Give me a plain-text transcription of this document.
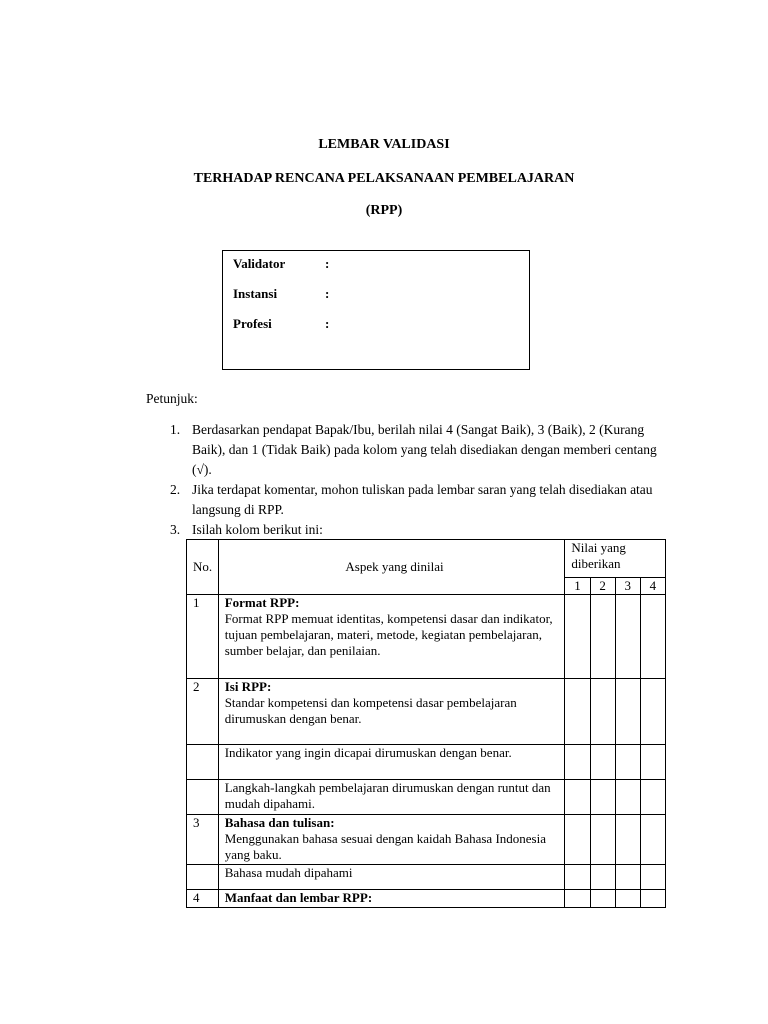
LEMBAR VALIDASI
TERHADAP RENCANA PELAKSANAAN PEMBELAJARAN
(RPP)
Validator	:
Instansi	:
Profesi	:
Petunjuk:
1. Berdasarkan pendapat Bapak/Ibu, berilah nilai 4 (Sangat Baik), 3 (Baik), 2 (Kurang Baik), dan 1 (Tidak Baik) pada kolom yang telah disediakan dengan memberi centang (√).
2. Jika terdapat komentar, mohon tuliskan pada lembar saran yang telah disediakan atau langsung di RPP.
3. Isilah kolom berikut ini:
No.	Aspek yang dinilai	Nilai yang diberikan			
		1	2	3	4
1	Format RPP:
Format RPP memuat identitas, kompetensi dasar dan indikator, tujuan pembelajaran, materi, metode, kegiatan pembelajaran, sumber belajar, dan penilaian.				
2	Isi RPP:
Standar kompetensi dan kompetensi dasar pembelajaran dirumuskan dengan benar.				
	Indikator yang ingin dicapai dirumuskan dengan benar.				
	Langkah-langkah pembelajaran dirumuskan dengan runtut dan mudah dipahami.				
3	Bahasa dan tulisan:
Menggunakan bahasa sesuai dengan kaidah Bahasa Indonesia yang baku.				
	Bahasa mudah dipahami				
4	Manfaat dan lembar RPP:				
